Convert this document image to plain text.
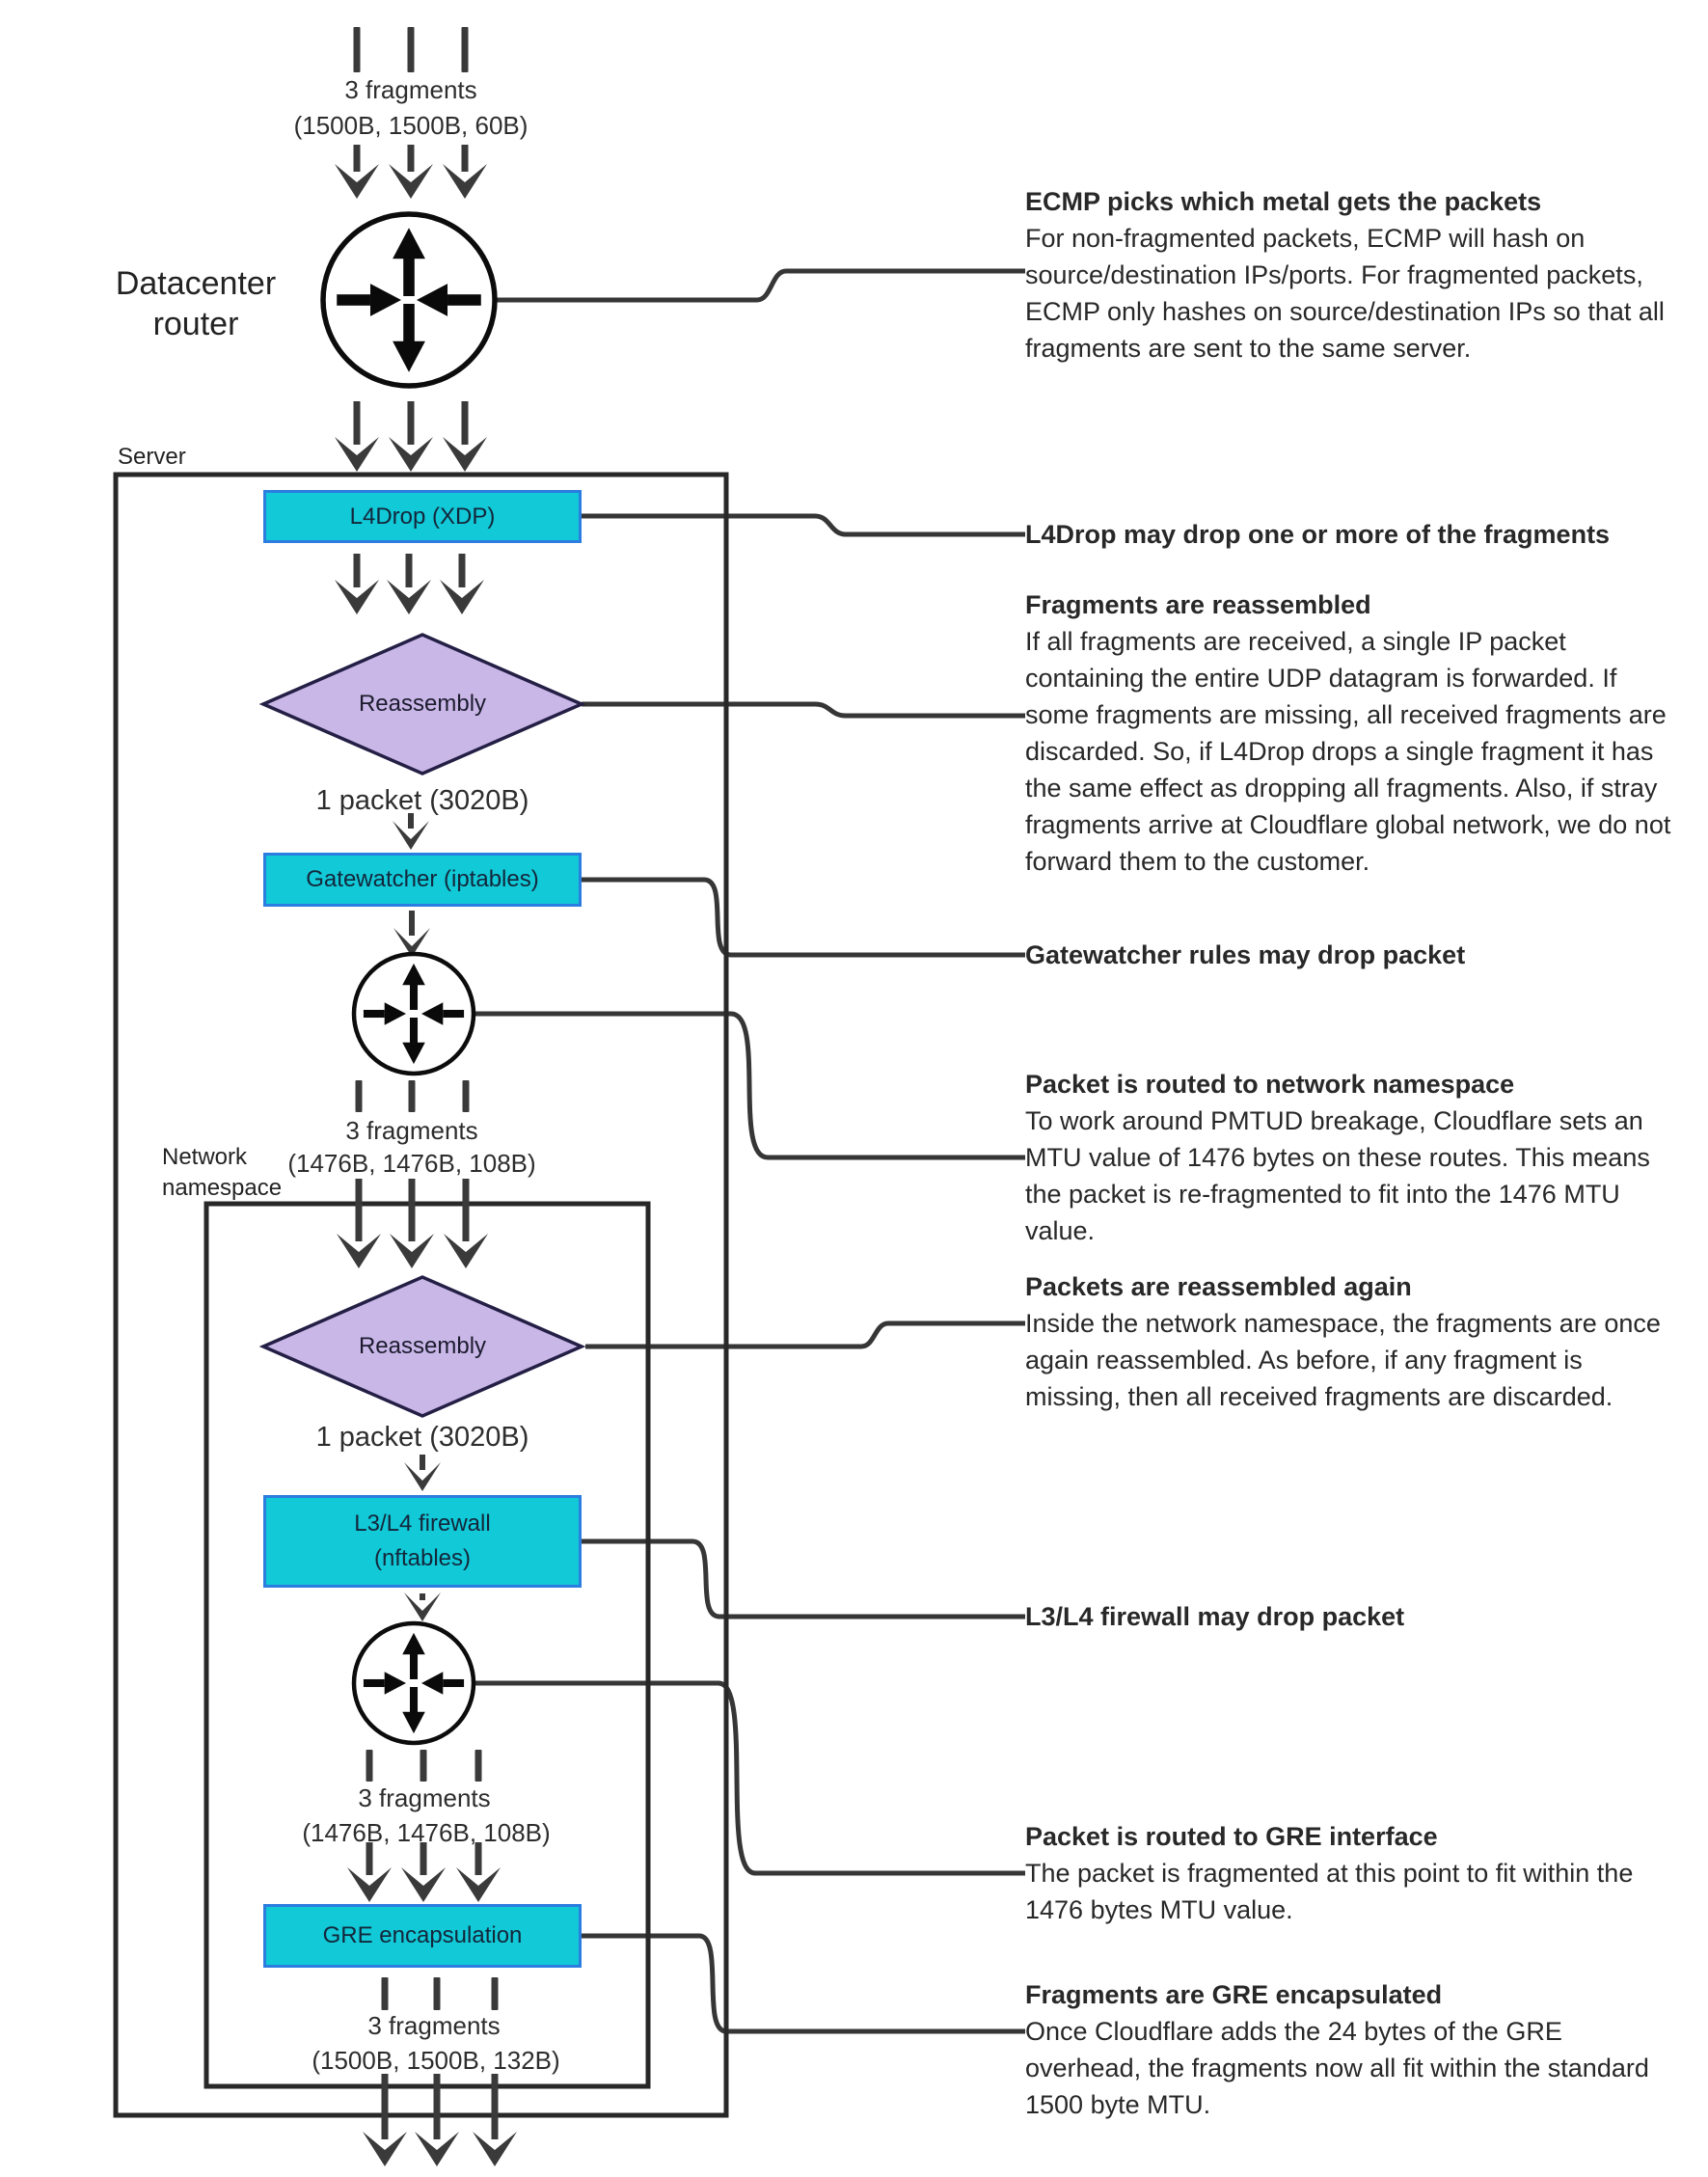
3 fragments
(1500B, 1500B, 60B)
Datacenter router
Server
L4Drop (XDP)
Reassembly
1 packet (3020B)
Gatewatcher (iptables)
3 fragments
(1476B, 1476B, 108B)
Network namespace
Reassembly
1 packet (3020B)
L3/L4 firewall
(nftables)
3 fragments
(1476B, 1476B, 108B)
GRE encapsulation
3 fragments
(1500B, 1500B, 132B)
ECMP picks which metal gets the packets
For non-fragmented packets, ECMP will hash on source/destination IPs/ports. For fragmented packets, ECMP only hashes on source/destination IPs so that all fragments are sent to the same server.
L4Drop may drop one or more of the fragments
Fragments are reassembled
If all fragments are received, a single IP packet containing the entire UDP datagram is forwarded. If some fragments are missing, all received fragments are discarded. So, if L4Drop drops a single fragment it has the same effect as dropping all fragments. Also, if stray fragments arrive at Cloudflare global network, we do not forward them to the customer.
Gatewatcher rules may drop packet
Packet is routed to network namespace
To work around PMTUD breakage, Cloudflare sets an MTU value of 1476 bytes on these routes. This means the packet is re-fragmented to fit into the 1476 MTU value.
Packets are reassembled again
Inside the network namespace, the fragments are once again reassembled. As before, if any fragment is missing, then all received fragments are discarded.
L3/L4 firewall may drop packet
Packet is routed to GRE interface
The packet is fragmented at this point to fit within the 1476 bytes MTU value.
Fragments are GRE encapsulated
Once Cloudflare adds the 24 bytes of the GRE overhead, the fragments now all fit within the standard 1500 byte MTU.
